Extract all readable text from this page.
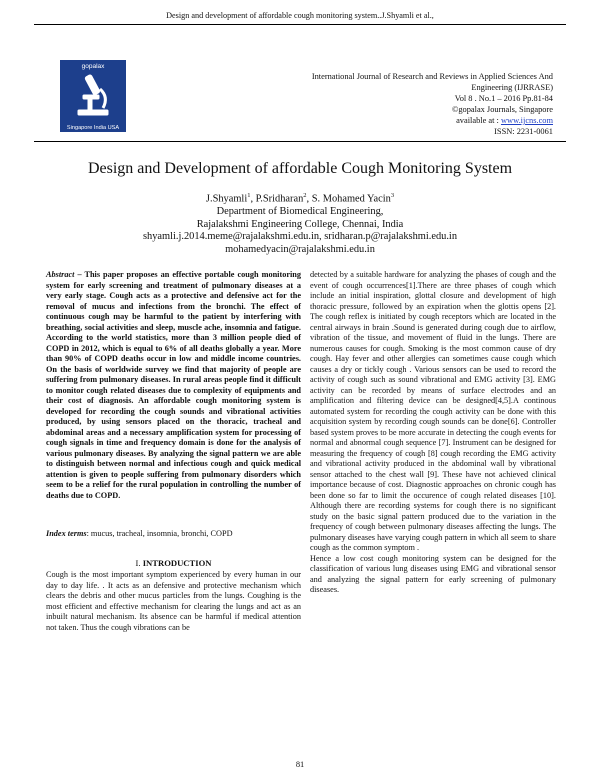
Design and development of affordable cough monitoring system..J.Shyamli et al.,
gopalax
Singapore India USA
International Journal of Research and Reviews in Applied Sciences And
Engineering (IJRRASE)
Vol 8 . No.1 – 2016 Pp.81-84
©gopalax Journals, Singapore
available at : www.ijcns.com
ISSN: 2231-0061
Design and Development of affordable Cough Monitoring System
J.Shyamli$^1$, P.Sridharan$^2$, S. Mohamed Yacin$^3$
Department of Biomedical Engineering,
Rajalakshmi Engineering College, Chennai, India
shyamli.j.2014.meme@rajalakshmi.edu.in, sridharan.p@rajalakshmi.edu.in
mohamedyacin@rajalakshmi.edu.in
Abstract – This paper proposes an effective portable cough monitoring system for early screening and treatment of pulmonary diseases at a very early stage. Cough acts as a protective and defensive act for the removal of mucus and infections from the bronchi. The effect of continuous cough may be harmful to the patient by interfering with breathing, social activities and sleep, muscle ache, insomnia and fatigue. According to the world statistics, more than 3 million people died of COPD in 2012, which is equal to 6% of all deaths globally a year. More than 90% of COPD deaths occur in low and middle income countries. On the basis of worldwide survey we find that majority of people are suffering from pulmonary diseases. In rural areas people find it difficult to monitor cough related diseases due to complexity of equipments and their cost of diagnosis. An affordable cough monitoring system is developed for recording the cough sounds and vibrational activities produced, by using sensors placed on the thoracic, tracheal and abdominal areas and a necessary amplification system for processing of cough signals in time and frequency domain is done for the analysis of various pulmonary diseases. By analyzing the signal pattern we are able to distinguish between normal and infectious cough and quick medical attention is given to people suffering from pulmonary disorders which seem to be a relief for the rural population in controlling the number of deaths due to COPD.
Index terms: mucus, tracheal, insomnia, bronchi, COPD
I. INTRODUCTION
Cough is the most important symptom experienced by every human in our day to day life. . It acts as an defensive and protective mechanism which clears the debris and other mucus particles from the lungs. Coughing is the most efficient and effective mechanism for clearing the lungs and act as an inbuilt natural mechanism. Its absence can be harmful if medical attention not taken. Thus the cough vibrations can be

detected by a suitable hardware for analyzing the phases of cough and the event of cough occurrences[1].There are three phases of cough which include an initial inspiration, glottal closure and development of high thoracic pressure, followed by an expiration when the glottis opens [2]. The cough reflex is initiated by cough receptors which are located in the central airways in brain .Sound is generated during cough due to airflow, vibration of the tissue, and movement of fluid in the lungs. There are numerous causes for cough. Smoking is the most common cause of dry cough. Hay fever and other allergies can sometimes cause cough which causes a dry or tickly cough . Various sensors can be used to record the activity of cough such as sound vibrational and EMG activity [3]. EMG activity can be recorded by means of surface electrodes and an amplification and filtering device can be designed[4,5].A continous automated system for recording the cough activity can be done with this acquisition system by recording cough sounds can be done[6]. Controller based system proves to be more accurate in detecting the cough events for normal and abnormal cough sequence [7]. Instrument can be designed for measuring the frequency of cough [8] cough recording the EMG activity and vibrational activity produced in the abdominal wall by vibrational sensor attached to the chest wall [9]. These have not achieved clinical importance because of cost. Diagnostic approaches on chronic cough has been done so far to limit the occurence of cough related diseases [10]. Although there are recording systems for cough there is no significant study on the basic signal pattern produced due to the variation in the frequency of cough between pulmonary diseases affecting the lungs. The pulmonary diseases have varying cough pattern in which all seem to share cough as the common symptom .

Hence a low cost cough monitoring system can be designed for the classification of various lung diseases using EMG and vibrational sensor and analyzing the signal pattern for early screening of pulmonary diseases.

81
